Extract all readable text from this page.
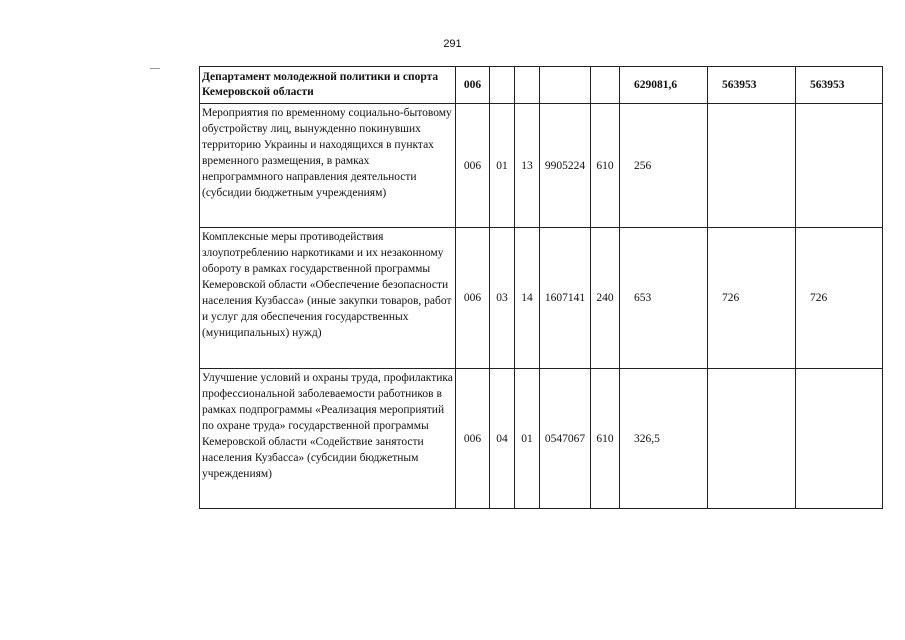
291
Департамент молодежной политики и спорта Кемеровской области	006					629081,6	563953	563953
Мероприятия по временному социально-бытовому обустройству лиц, вынужденно покинувших территорию Украины и находящихся в пунктах временного размещения, в рамках непрограммного направления деятельности (субсидии бюджетным учреждениям)	006	01	13	9905224	610	256		
Комплексные меры противодействия злоупотреблению наркотиками и их незаконному обороту в рамках государственной программы Кемеровской области «Обеспечение безопасности населения Кузбасса» (иные закупки товаров, работ и услуг для обеспечения государственных (муниципальных) нужд)	006	03	14	1607141	240	653	726	726
Улучшение условий и охраны труда, профилактика профессиональной заболеваемости работников в рамках подпрограммы «Реализация мероприятий по охране труда» государственной программы Кемеровской области «Содействие занятости населения Кузбасса» (субсидии бюджетным учреждениям)	006	04	01	0547067	610	326,5		
